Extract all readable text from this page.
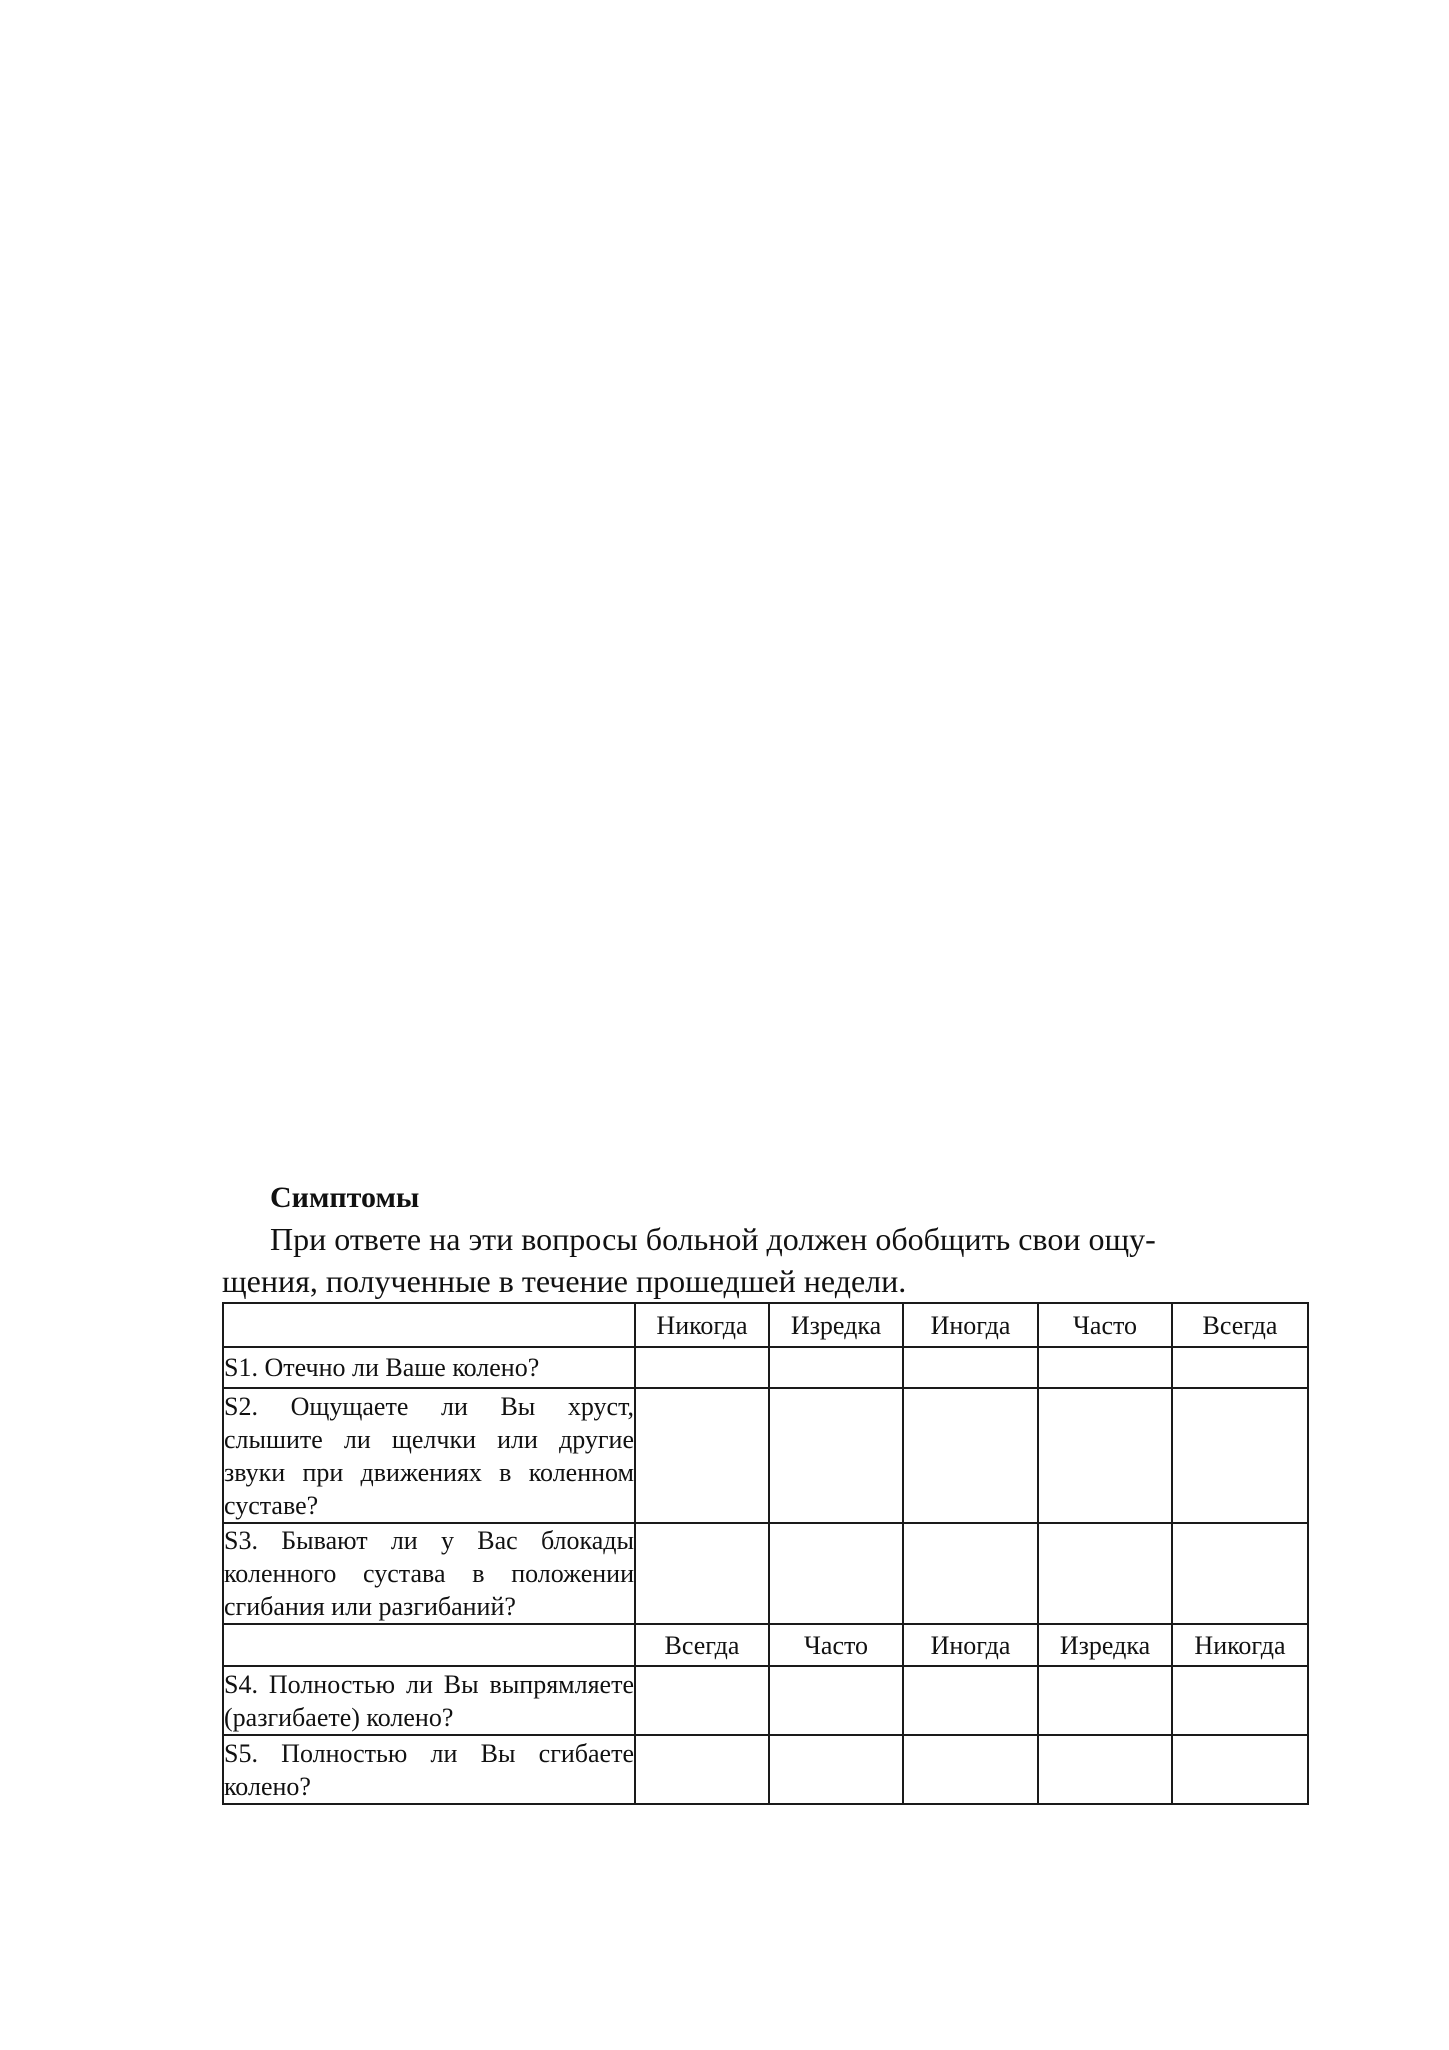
Симптомы

При ответе на эти вопросы больной должен обобщить свои ощу-
щения, полученные в течение прошедшей недели.

	Никогда	Изредка	Иногда	Часто	Всегда
S1. Отечно ли Ваше колено?					
S2. Ощущаете ли Вы хруст, слышите ли щелчки или другие звуки при движениях в коленном суставе?					
S3. Бывают ли у Вас блокады коленного сустава в положении сгибания или разгибаний?					
	Всегда	Часто	Иногда	Изредка	Никогда
S4. Полностью ли Вы выпрямляете (разгибаете) колено?					
S5. Полностью ли Вы сгибаете колено?					
